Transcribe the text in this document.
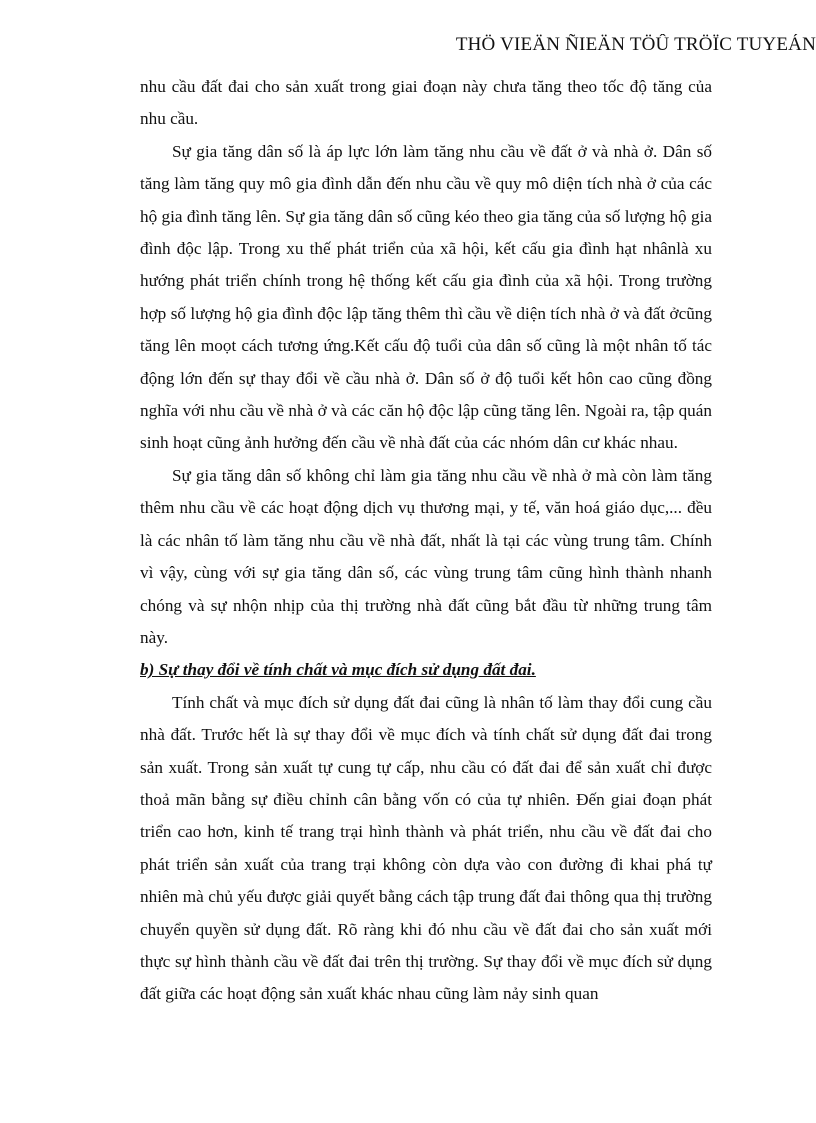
THÖ VIEÄN ÑIEÄN TÖÛ TRÖÏC TUYEÁN

nhu cầu đất đai cho sản xuất trong giai đoạn này chưa tăng theo tốc độ tăng của nhu cầu.

Sự gia tăng dân số là áp lực lớn làm tăng nhu cầu về đất ở và nhà ở. Dân số tăng làm tăng quy mô gia đình dẫn đến nhu cầu về quy mô diện tích nhà ở của các hộ gia đình tăng lên. Sự gia tăng dân số cũng kéo theo gia tăng của số lượng hộ gia đình độc lập. Trong xu thế phát triển của xã hội, kết cấu gia đình hạt nhânlà xu hướng phát triển chính trong hệ thống kết cấu gia đình của xã hội. Trong trường hợp số lượng hộ gia đình độc lập tăng thêm thì cầu về diện tích nhà ở và đất ởcũng tăng lên moọt cách tương ứng.Kết cấu độ tuổi của dân số cũng là một nhân tố tác động lớn đến sự thay đổi về cầu nhà ở. Dân số ở độ tuổi kết hôn cao cũng đồng nghĩa với nhu cầu về nhà ở và các căn hộ độc lập cũng tăng lên. Ngoài ra, tập quán sinh hoạt cũng ảnh hưởng đến cầu về nhà đất của các nhóm dân cư khác nhau.

Sự gia tăng dân số không chỉ làm gia tăng nhu cầu về nhà ở mà còn làm tăng thêm nhu cầu về các hoạt động dịch vụ thương mại, y tế, văn hoá giáo dục,... đều là các nhân tố làm tăng nhu cầu về nhà đất, nhất là tại các vùng trung tâm. Chính vì vậy, cùng với sự gia tăng dân số, các vùng trung tâm cũng hình thành nhanh chóng và sự nhộn nhịp của thị trường nhà đất cũng bắt đầu từ những trung tâm này.

b) Sự thay đổi về tính chất và mục đích sử dụng đất đai.

Tính chất và mục đích sử dụng đất đai cũng là nhân tố làm thay đổi cung cầu nhà đất. Trước hết là sự thay đổi về mục đích và tính chất sử dụng đất đai trong sản xuất. Trong sản xuất tự cung tự cấp, nhu cầu có đất đai để sản xuất chỉ được thoả mãn bằng sự điều chỉnh cân bằng vốn có của tự nhiên. Đến giai đoạn phát triển cao hơn, kinh tế trang trại hình thành và phát triển, nhu cầu về đất đai cho phát triển sản xuất của trang trại không còn dựa vào con đường đi khai phá tự nhiên mà chủ yếu được giải quyết bằng cách tập trung đất đai thông qua thị trường chuyển quyền sử dụng đất. Rõ ràng khi đó nhu cầu về đất đai cho sản xuất mới thực sự hình thành cầu về đất đai trên thị trường. Sự thay đổi về mục đích sử dụng đất giữa các hoạt động sản xuất khác nhau cũng làm nảy sinh quan
